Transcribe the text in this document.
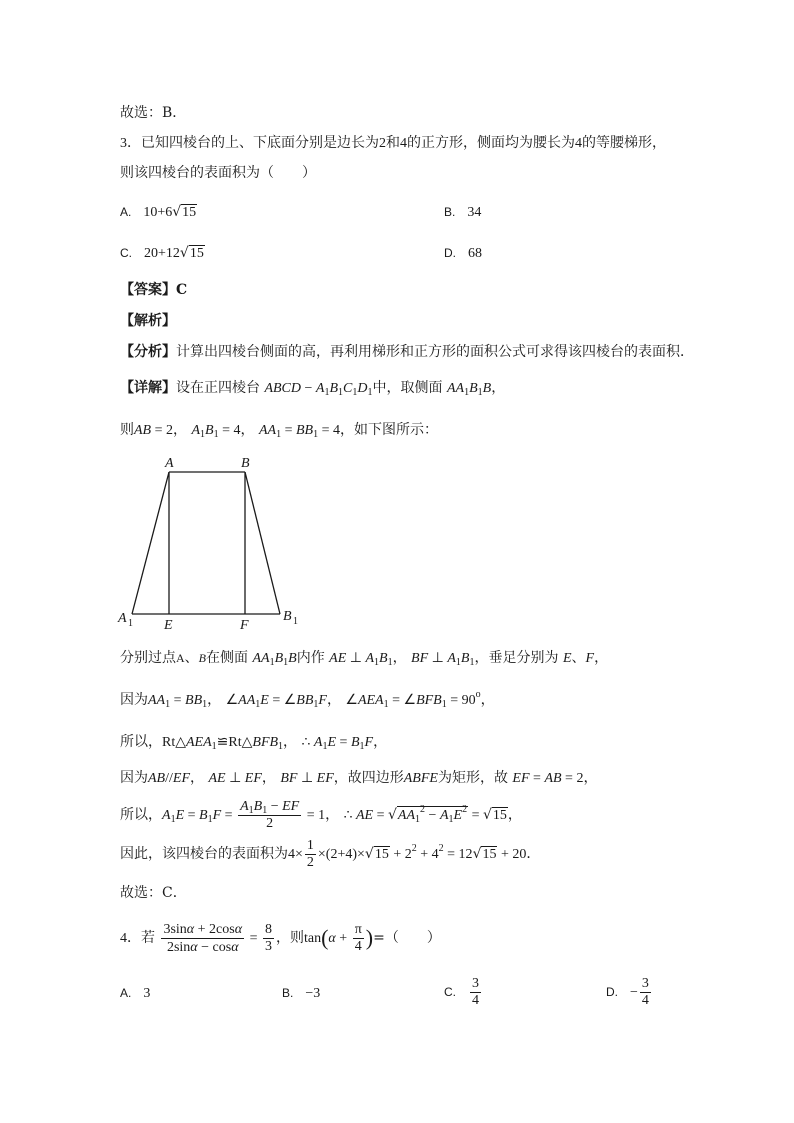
故选：B．
3．已知四棱台的上、下底面分别是边长为2和4的正方形，侧面均为腰长为4的等腰梯形，
则该四棱台的表面积为（　　）
A. 10+6√15	B. 34
C. 20+12√15	D. 68
【答案】C
【解析】
【分析】计算出四棱台侧面的高，再利用梯形和正方形的面积公式可求得该四棱台的表面积．
【详解】设在正四棱台 ABCD − $A_1B_1C_1D_1$中，取侧面 $AA_1B_1B$，
则AB = 2， $A_1B_1 = 4$， $AA_1 = BB_1 = 4$，如下图所示：
A	B
A 1	B 1
E	F
分别过点A、B在侧面 $AA_1B_1B$内作 AE ⊥ $A_1B_1$， BF ⊥ $A_1B_1$，垂足分别为 E、F，
因为$AA_1 = BB_1$， $\angle AA_1E$ = $\angle BB_1F$， $\angle AEA_1$ = $\angle BFB_1 = 90^o$，
所以，$Rt\triangle AEA_1≌Rt\triangle BFB_1$， ∴ $A_1E = B_1F$，
因为AB//EF， AE ⊥ EF， BF ⊥ EF，故四边形ABFE为矩形，故 EF = AB = 2，
所以，$A_1E = B_1F = \frac{A_1B_1 - EF}{2} = 1$， ∴ AE = $√AA_1^2 - A_1E^2 = √15$，
因此，该四棱台的表面积为$4\times \frac{1}{2} \times(2+4)\times√15 + 2^2 + 4^2 = 12√15 + 20$．
故选：C．
4．若 $\frac{3\sin\alpha + 2\cos\alpha}{2\sin\alpha - \cos\alpha} = \frac{8}{3}$ ，则$\tan(\alpha + \frac{\pi}{4}$ )=（　　）
A. 3	B. −3	C. $\frac{3}{4}$	D. − $\frac{3}{4}$
